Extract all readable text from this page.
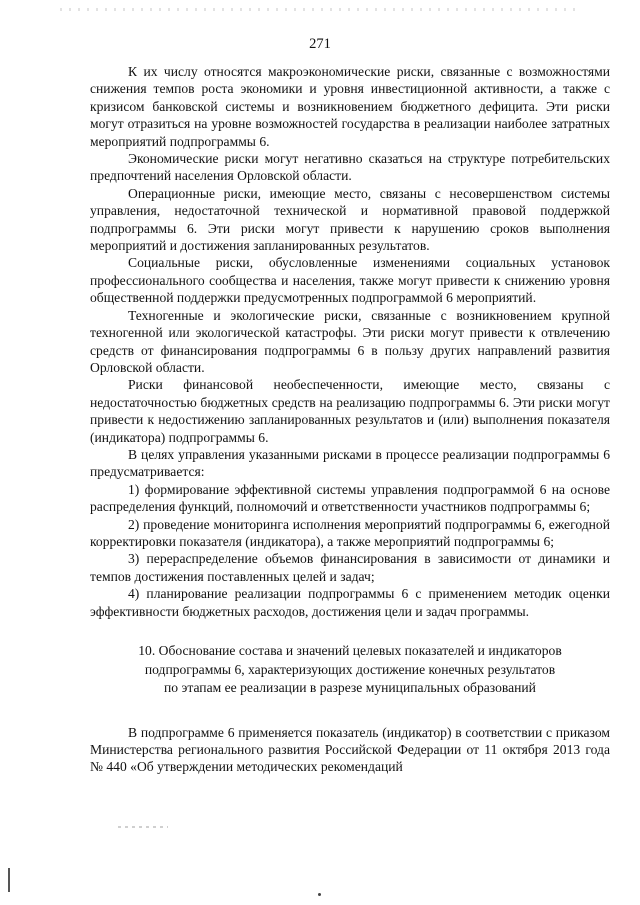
271

К их числу относятся макроэкономические риски, связанные с возможностями снижения темпов роста экономики и уровня инвестиционной активности, а также с кризисом банковской системы и возникновением бюджетного дефицита. Эти риски могут отразиться на уровне возможностей государства в реализации наиболее затратных мероприятий подпрограммы 6.

Экономические риски могут негативно сказаться на структуре потребительских предпочтений населения Орловской области.

Операционные риски, имеющие место, связаны с несовершенством системы управления, недостаточной технической и нормативной правовой поддержкой подпрограммы 6. Эти риски могут привести к нарушению сроков выполнения мероприятий и достижения запланированных результатов.

Социальные риски, обусловленные изменениями социальных установок профессионального сообщества и населения, также могут привести к снижению уровня общественной поддержки предусмотренных подпрограммой 6 мероприятий.

Техногенные и экологические риски, связанные с возникновением крупной техногенной или экологической катастрофы. Эти риски могут привести к отвлечению средств от финансирования подпрограммы 6 в пользу других направлений развития Орловской области.

Риски финансовой необеспеченности, имеющие место, связаны с недостаточностью бюджетных средств на реализацию подпрограммы 6. Эти риски могут привести к недостижению запланированных результатов и (или) выполнения показателя (индикатора) подпрограммы 6.

В целях управления указанными рисками в процессе реализации подпрограммы 6 предусматривается:

1) формирование эффективной системы управления подпрограммой 6 на основе распределения функций, полномочий и ответственности участников подпрограммы 6;

2) проведение мониторинга исполнения мероприятий подпрограммы 6, ежегодной корректировки показателя (индикатора), а также мероприятий подпрограммы 6;

3) перераспределение объемов финансирования в зависимости от динамики и темпов достижения поставленных целей и задач;

4) планирование реализации подпрограммы 6 с применением методик оценки эффективности бюджетных расходов, достижения цели и задач программы.

10. Обоснование состава и значений целевых показателей и индикаторов
подпрограммы 6, характеризующих достижение конечных результатов
по этапам ее реализации в разрезе муниципальных образований

В подпрограмме 6 применяется показатель (индикатор) в соответствии с приказом Министерства регионального развития Российской Федерации от 11 октября 2013 года № 440 «Об утверждении методических рекомендаций
